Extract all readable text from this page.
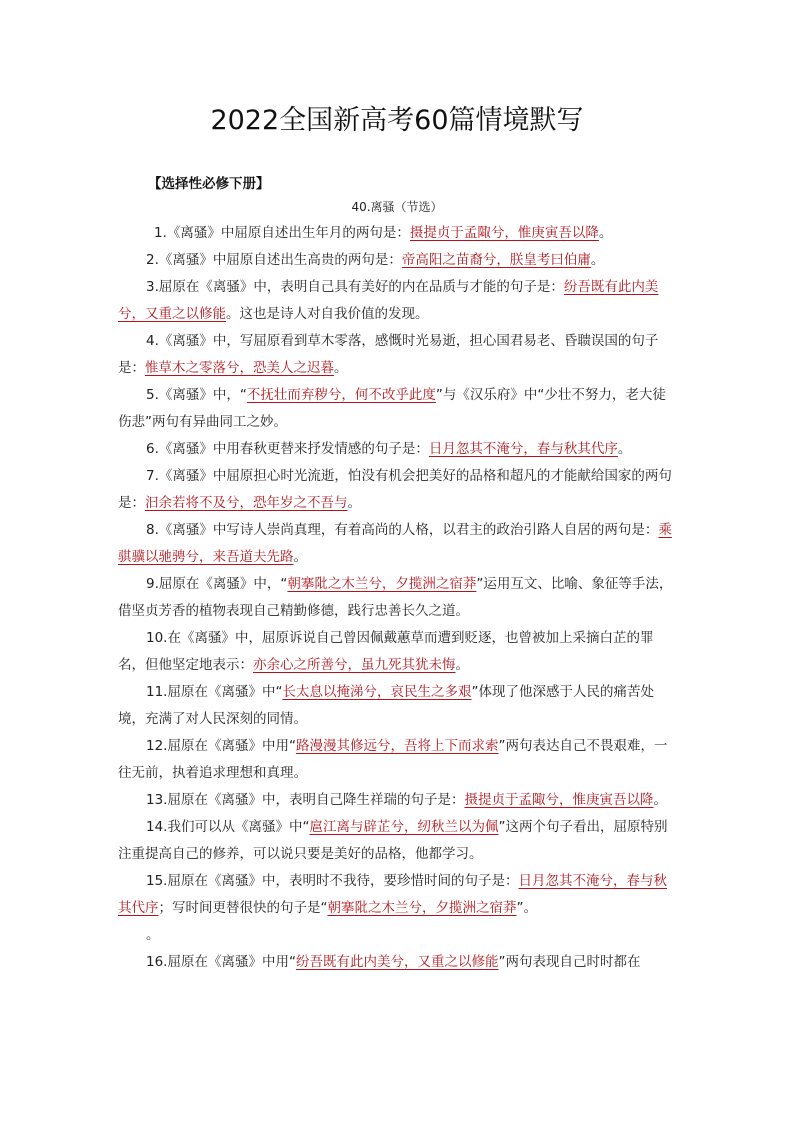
2022全国新高考60篇情境默写
【选择性必修下册】
40.离骚（节选）

1.《离骚》中屈原自述出生年月的两句是：摄提贞于孟陬兮，惟庚寅吾以降。

2.《离骚》中屈原自述出生高贵的两句是：帝高阳之苗裔兮，朕皇考曰伯庸。

3.屈原在《离骚》中，表明自己具有美好的内在品质与才能的句子是：纷吾既有此内美兮，又重之以修能。这也是诗人对自我价值的发现。

4.《离骚》中，写屈原看到草木零落，感慨时光易逝，担心国君易老、昏聩误国的句子是：惟草木之零落兮，恐美人之迟暮。

5.《离骚》中，“不抚壮而弃秽兮，何不改乎此度”与《汉乐府》中“少壮不努力，老大徒伤悲”两句有异曲同工之妙。

6.《离骚》中用春秋更替来抒发情感的句子是：日月忽其不淹兮，春与秋其代序。

7.《离骚》中屈原担心时光流逝，怕没有机会把美好的品格和超凡的才能献给国家的两句是：汩余若将不及兮，恐年岁之不吾与。

8.《离骚》中写诗人崇尚真理，有着高尚的人格，以君主的政治引路人自居的两句是：乘骐骥以驰骋兮，来吾道夫先路。

9.屈原在《离骚》中，“朝搴阰之木兰兮，夕揽洲之宿莽”运用互文、比喻、象征等手法，借坚贞芳香的植物表现自己精勤修德，践行忠善长久之道。

10.在《离骚》中，屈原诉说自己曾因佩戴蕙草而遭到贬逐，也曾被加上采摘白芷的罪名，但他坚定地表示：亦余心之所善兮，虽九死其犹未悔。

11.屈原在《离骚》中“长太息以掩涕兮，哀民生之多艰”体现了他深感于人民的痛苦处境，充满了对人民深刻的同情。

12.屈原在《离骚》中用“路漫漫其修远兮，吾将上下而求索”两句表达自己不畏艰难，一往无前，执着追求理想和真理。

13.屈原在《离骚》中，表明自己降生祥瑞的句子是：摄提贞于孟陬兮，惟庚寅吾以降。

14.我们可以从《离骚》中“扈江离与辟芷兮，纫秋兰以为佩”这两个句子看出，屈原特别注重提高自己的修养，可以说只要是美好的品格，他都学习。

15.屈原在《离骚》中，表明时不我待，要珍惜时间的句子是：日月忽其不淹兮，春与秋其代序；写时间更替很快的句子是“朝搴阰之木兰兮，夕揽洲之宿莽”。

。

16.屈原在《离骚》中用“纷吾既有此内美兮，又重之以修能”两句表现自己时时都在
